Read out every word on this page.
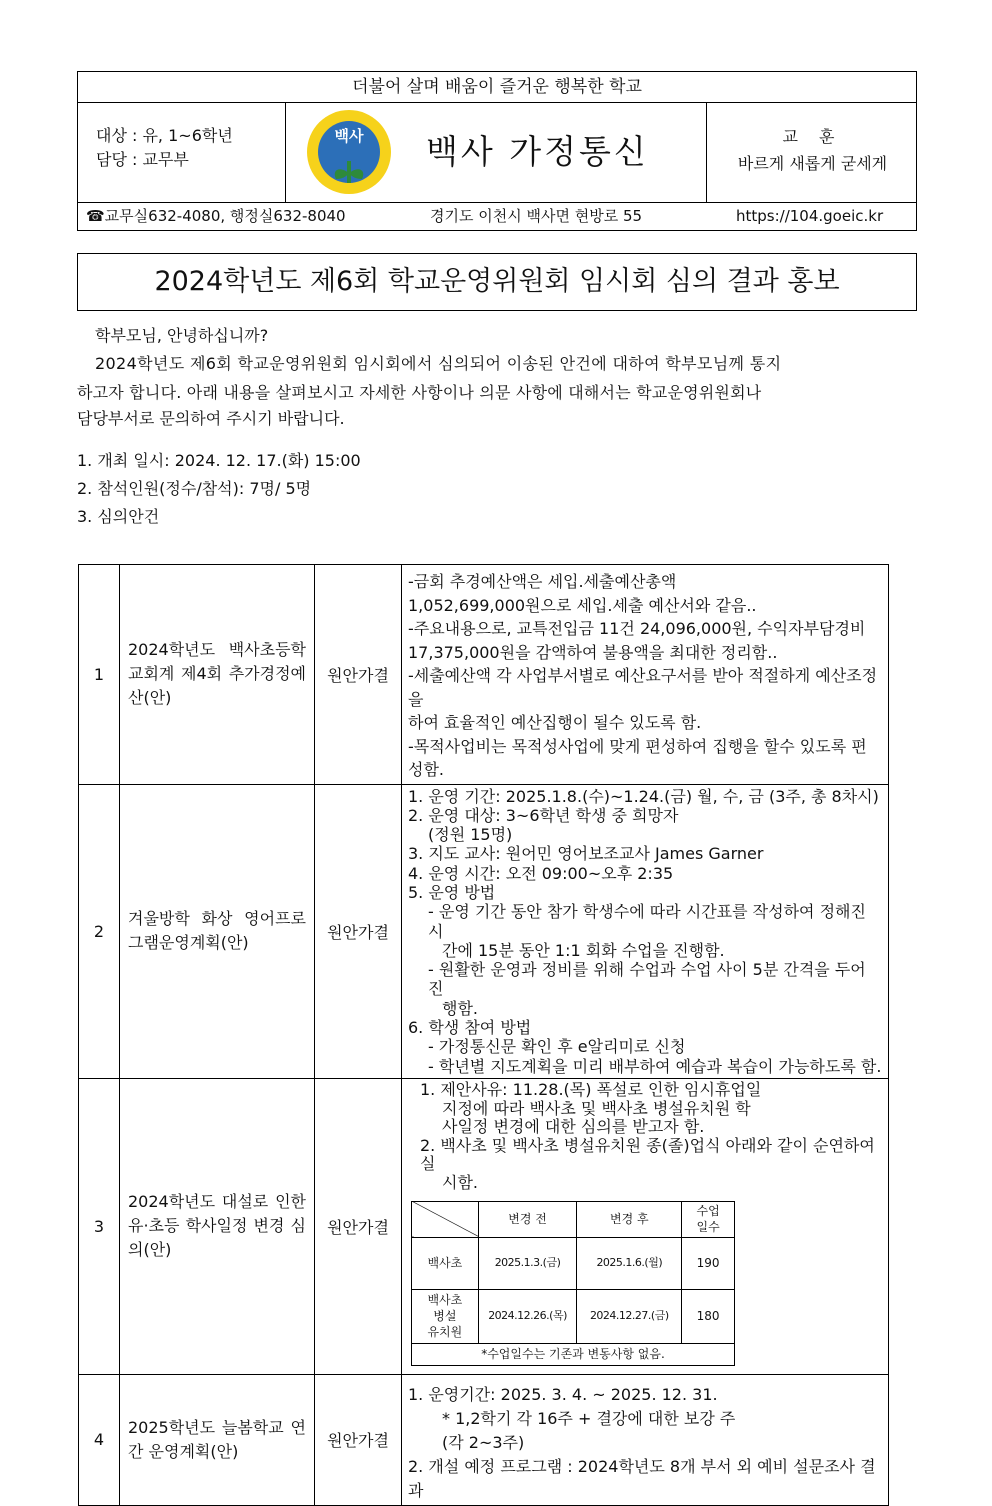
더불어 살며 배움이 즐거운 행복한 학교
대상 : 유, 1~6학년
담당 : 교무부
백사 백사 가정통신	교 훈
바르게 새롭게 굳세게
☎교무실632-4080, 행정실632-8040	경기도 이천시 백사면 현방로 55	https://104.goeic.kr
2024학년도 제6회 학교운영위원회 임시회 심의 결과 홍보
학부모님, 안녕하십니까?
2024학년도 제6회 학교운영위원회 임시회에서 심의되어 이송된 안건에 대하여 학부모님께 통지
하고자 합니다. 아래 내용을 살펴보시고 자세한 사항이나 의문 사항에 대해서는 학교운영위원회나
담당부서로 문의하여 주시기 바랍니다.
1. 개최 일시: 2024. 12. 17.(화) 15:00
2. 참석인원(정수/참석): 7명/ 5명
3. 심의안건
1	2024학년도 백사초등학교회계 제4회 추가경정예산(안)	원안가결	
-금회 추경예산액은 세입.세출예산총액
1,052,699,000원으로 세입.세출 예산서와 같음..
-주요내용으로, 교특전입금 11건 24,096,000원, 수익자부담경비
17,375,000원을 감액하여 불용액을 최대한 정리함..
-세출예산액 각 사업부서별로 예산요구서를 받아 적절하게 예산조정을
하여 효율적인 예산집행이 될수 있도록 함.
-목적사업비는 목적성사업에 맞게 편성하여 집행을 할수 있도록 편성함.

2	겨울방학 화상 영어프로그램운영계획(안)	원안가결	
1. 운영 기간: 2025.1.8.(수)~1.24.(금) 월, 수, 금 (3주, 총 8차시)
2. 운영 대상: 3~6학년 학생 중 희망자
(정원 15명)
3. 지도 교사: 원어민 영어보조교사 James Garner
4. 운영 시간: 오전 09:00~오후 2:35
5. 운영 방법
- 운영 기간 동안 참가 학생수에 따라 시간표를 작성하여 정해진 시
간에 15분 동안 1:1 회화 수업을 진행함.
- 원활한 운영과 정비를 위해 수업과 수업 사이 5분 간격을 두어 진
행함.
6. 학생 참여 방법
- 가정통신문 확인 후 e알리미로 신청
- 학년별 지도계획을 미리 배부하여 예습과 복습이 가능하도록 함.

3	2024학년도 대설로 인한 유·초등 학사일정 변경 심의(안)	원안가결	
1. 제안사유: 11.28.(목) 폭설로 인한 임시휴업일
지정에 따라 백사초 및 백사초 병설유치원 학
사일정 변경에 대한 심의를 받고자 함.
2. 백사초 및 백사초 병설유치원 종(졸)업식 아래와 같이 순연하여 실
시함.
	변경 전	변경 후	수업
일수
백사초	2025.1.3.(금)	2025.1.6.(월)	190
백사초
병설
유치원	2024.12.26.(목)	2024.12.27.(금)	180
*수업일수는 기존과 변동사항 없음.

4	2025학년도 늘봄학교 연간 운영계획(안)	원안가결	
1. 운영기간: 2025. 3. 4. ~ 2025. 12. 31.
* 1,2학기 각 16주 + 결강에 대한 보강 주
(각 2~3주)
2. 개설 예정 프로그램 : 2024학년도 8개 부서 외 예비 설문조사 결과
